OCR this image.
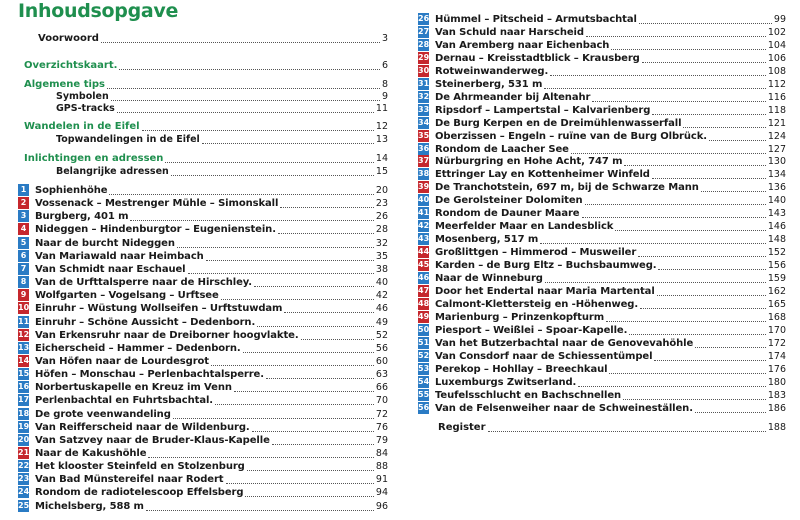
Inhoudsopgave
Voorwoord	3
Overzichtskaart.	6
Algemene tips	8
Symbolen	9
GPS-tracks	11
Wandelen in de Eifel	12
Topwandelingen in de Eifel	13
Inlichtingen en adressen	14
Belangrijke adressen	15
1 Sophienhöhe	20
2 Vossenack – Mestrenger Mühle – Simonskall	23
3 Burgberg, 401 m	26
4 Nideggen – Hindenburgtor – Eugenienstein.	28
5 Naar de burcht Nideggen	32
6 Van Mariawald naar Heimbach	35
7 Van Schmidt naar Eschauel	38
8 Van de Urfttalsperre naar de Hirschley.	40
9 Wolfgarten – Vogelsang – Urftsee	42
10 Einruhr – Wüstung Wollseifen – Urftstuwdam	46
11 Einruhr – Schöne Aussicht – Dedenborn.	49
12 Van Erkensruhr naar de Dreiborner hoogvlakte.	52
13 Eicherscheid – Hammer – Dedenborn.	56
14 Van Höfen naar de Lourdesgrot	60
15 Höfen – Monschau – Perlenbachtalsperre.	63
16 Norbertuskapelle en Kreuz im Venn	66
17 Perlenbachtal en Fuhrtsbachtal.	70
18 De grote veenwandeling	72
19 Van Reifferscheid naar de Wildenburg.	76
20 Van Satzvey naar de Bruder-Klaus-Kapelle	79
21 Naar de Kakushöhle	84
22 Het klooster Steinfeld en Stolzenburg	88
23 Van Bad Münstereifel naar Rodert	91
24 Rondom de radiotelescoop Effelsberg	94
25 Michelsberg, 588 m	96
26 Hümmel – Pitscheid – Armutsbachtal	99
27 Van Schuld naar Harscheid	102
28 Van Aremberg naar Eichenbach	104
29 Dernau – Kreisstadtblick – Krausberg	106
30 Rotweinwanderweg.	108
31 Steinerberg, 531 m	112
32 De Ahrmeander bij Altenahr	116
33 Ripsdorf – Lampertstal – Kalvarienberg	118
34 De Burg Kerpen en de Dreimühlenwasserfall	121
35 Oberzissen – Engeln – ruïne van de Burg Olbrück.	124
36 Rondom de Laacher See	127
37 Nürburgring en Hohe Acht, 747 m	130
38 Ettringer Lay en Kottenheimer Winfeld	134
39 De Tranchotstein, 697 m, bij de Schwarze Mann	136
40 De Gerolsteiner Dolomiten	140
41 Rondom de Dauner Maare	143
42 Meerfelder Maar en Landesblick	146
43 Mosenberg, 517 m	148
44 Großlittgen – Himmerod – Musweiler	152
45 Karden – de Burg Eltz – Buchsbaumweg.	156
46 Naar de Winneburg	159
47 Door het Endertal naar Maria Martental	162
48 Calmont-Klettersteig en -Höhenweg.	165
49 Marienburg – Prinzenkopfturm	168
50 Piesport – Weißlei – Spoar-Kapelle.	170
51 Van het Butzerbachtal naar de Genovevahöhle	172
52 Van Consdorf naar de Schiessentümpel	174
53 Perekop – Hohllay – Breechkaul	176
54 Luxemburgs Zwitserland.	180
55 Teufelsschlucht en Bachschnellen	183
56 Van de Felsenweiher naar de Schweineställen.	186
Register	188
